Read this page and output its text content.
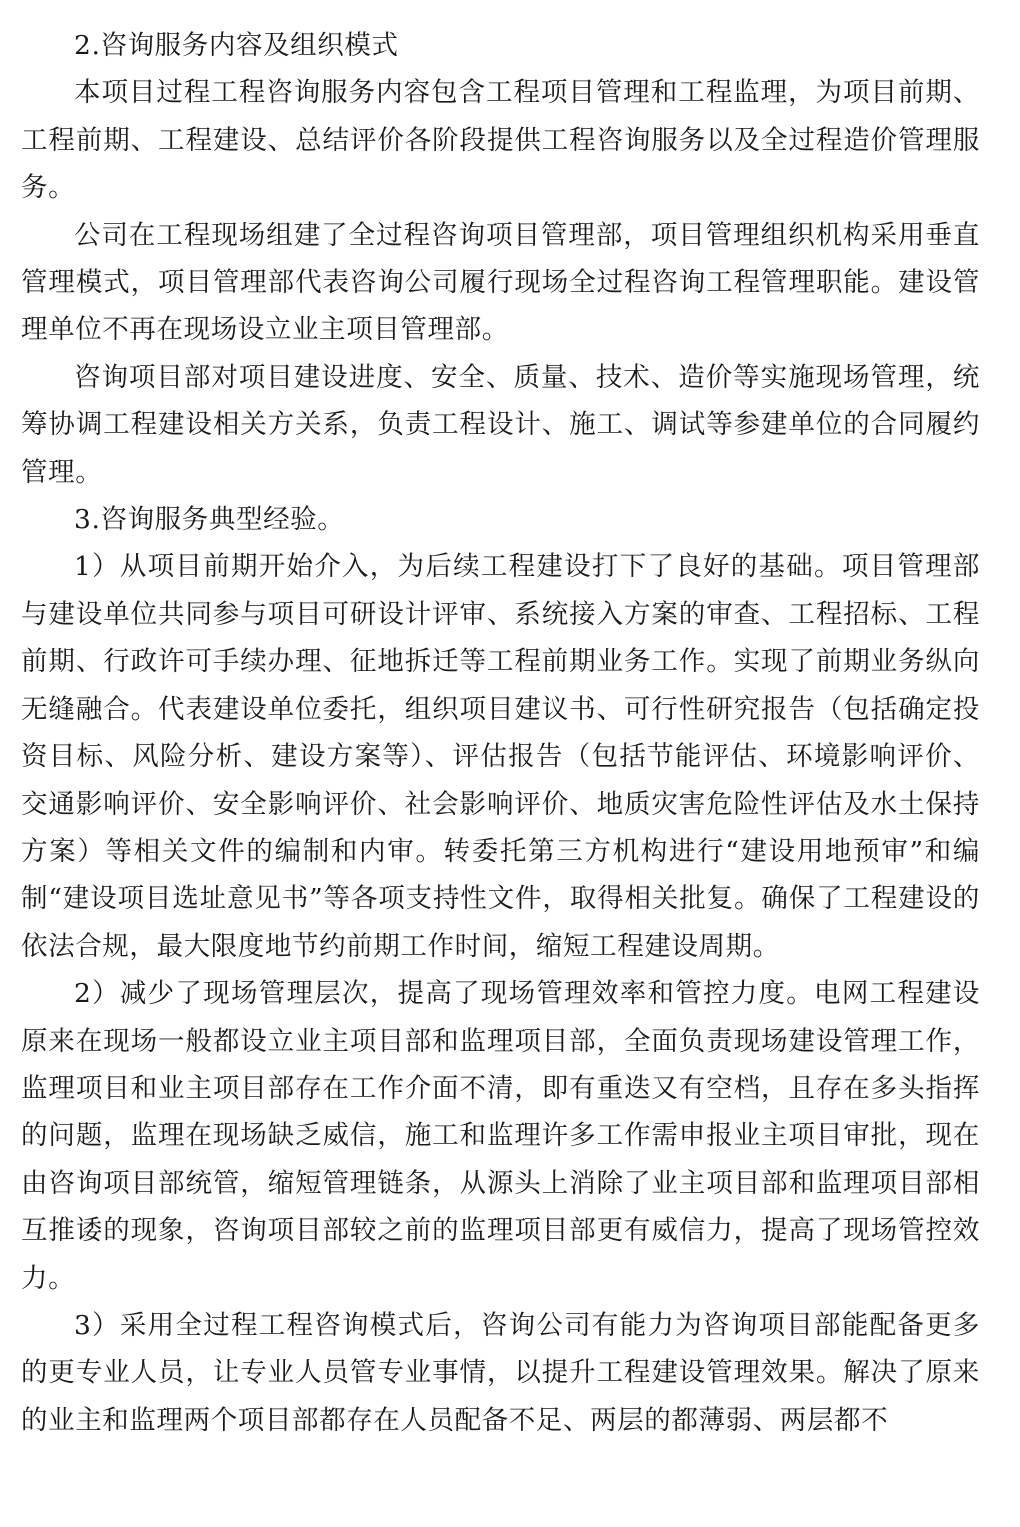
2.咨询服务内容及组织模式

本项目过程工程咨询服务内容包含工程项目管理和工程监理，为项目前期、工程前期、工程建设、总结评价各阶段提供工程咨询服务以及全过程造价管理服务。

公司在工程现场组建了全过程咨询项目管理部，项目管理组织机构采用垂直管理模式，项目管理部代表咨询公司履行现场全过程咨询工程管理职能。建设管理单位不再在现场设立业主项目管理部。

咨询项目部对项目建设进度、安全、质量、技术、造价等实施现场管理，统筹协调工程建设相关方关系，负责工程设计、施工、调试等参建单位的合同履约管理。

3.咨询服务典型经验。

1）从项目前期开始介入，为后续工程建设打下了良好的基础。项目管理部与建设单位共同参与项目可研设计评审、系统接入方案的审查、工程招标、工程前期、行政许可手续办理、征地拆迁等工程前期业务工作。实现了前期业务纵向无缝融合。代表建设单位委托，组织项目建议书、可行性研究报告（包括确定投资目标、风险分析、建设方案等）、评估报告（包括节能评估、环境影响评价、交通影响评价、安全影响评价、社会影响评价、地质灾害危险性评估及水土保持方案）等相关文件的编制和内审。转委托第三方机构进行“建设用地预审”和编制“建设项目选址意见书”等各项支持性文件，取得相关批复。确保了工程建设的依法合规，最大限度地节约前期工作时间，缩短工程建设周期。

2）减少了现场管理层次，提高了现场管理效率和管控力度。电网工程建设原来在现场一般都设立业主项目部和监理项目部，全面负责现场建设管理工作，监理项目和业主项目部存在工作介面不清，即有重迭又有空档，且存在多头指挥的问题，监理在现场缺乏威信，施工和监理许多工作需申报业主项目审批，现在由咨询项目部统管，缩短管理链条，从源头上消除了业主项目部和监理项目部相互推诿的现象，咨询项目部较之前的监理项目部更有威信力，提高了现场管控效力。

3）采用全过程工程咨询模式后，咨询公司有能力为咨询项目部能配备更多的更专业人员，让专业人员管专业事情，以提升工程建设管理效果。解决了原来的业主和监理两个项目部都存在人员配备不足、两层的都薄弱、两层都不
